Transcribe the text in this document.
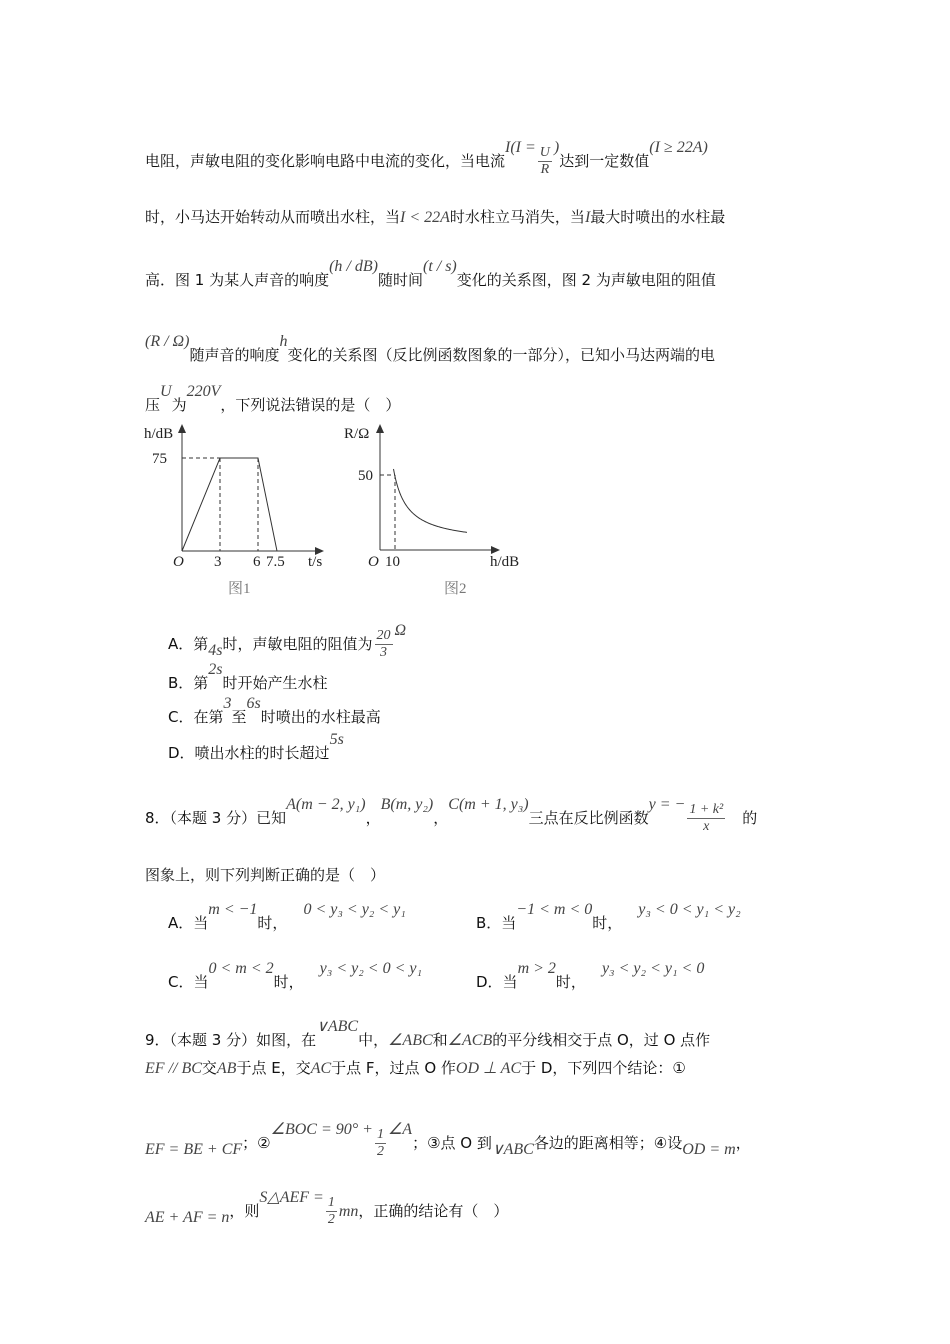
电阻，声敏电阻的变化影响电路中电流的变化，当电流$I(I = \frac{U}{R}$ )达到一定数值(I ≥ 22A)
时，小马达开始转动从而喷出水柱，当I < 22A时水柱立马消失，当I最大时喷出的水柱最
高．图 1 为某人声音的响度(h / dB)随时间(t / s)变化的关系图，图 2 为声敏电阻的阻值
(R / Ω)随声音的响度h变化的关系图（反比例函数图象的一部分），已知小马达两端的电
压U为220V，下列说法错误的是（　）
A．第4s时，声敏电阻的阻值为 $\frac{20}{3}$ Ω
B．第2s时开始产生水柱
C．在第3至6s时喷出的水柱最高
D．喷出水柱的时长超过5s
8．（本题 3 分）已知A(m − 2, y₁)，B(m, y₂)，C(m + 1, y₃)三点在反比例函数y = − $\frac{\text{1 + k²}}{x}$ 　的
图象上，则下列判断正确的是（　）
A．当m < −1时，　0 < y₃ < y₂ < y₁
B．当−1 < m < 0时，　y₃ < 0 < y₁ < y₂
C．当0 < m < 2时，　y₃ < y₂ < 0 < y₁
D．当m > 2时，　y₃ < y₂ < y₁ < 0
9．（本题 3 分）如图，在∨ABC中，∠ABC和∠ACB的平分线相交于点 O，过 O 点作
EF // BC交AB于点 E，交AC于点 F，过点 O 作OD ⊥ AC于 D，下列四个结论：①
EF = BE + CF；②∠BOC = $90^\circ + \frac{1}{2}$ ∠A；③点 O 到∨ABC各边的距离相等；④设OD = m，
AE + AF = n，则S△AEF = $\frac{1}{2}$ mn，正确的结论有（　）
h/dB
75
O 3 6 7.5 t/s
图1
R/Ω
50
O 10	h/dB
图2
